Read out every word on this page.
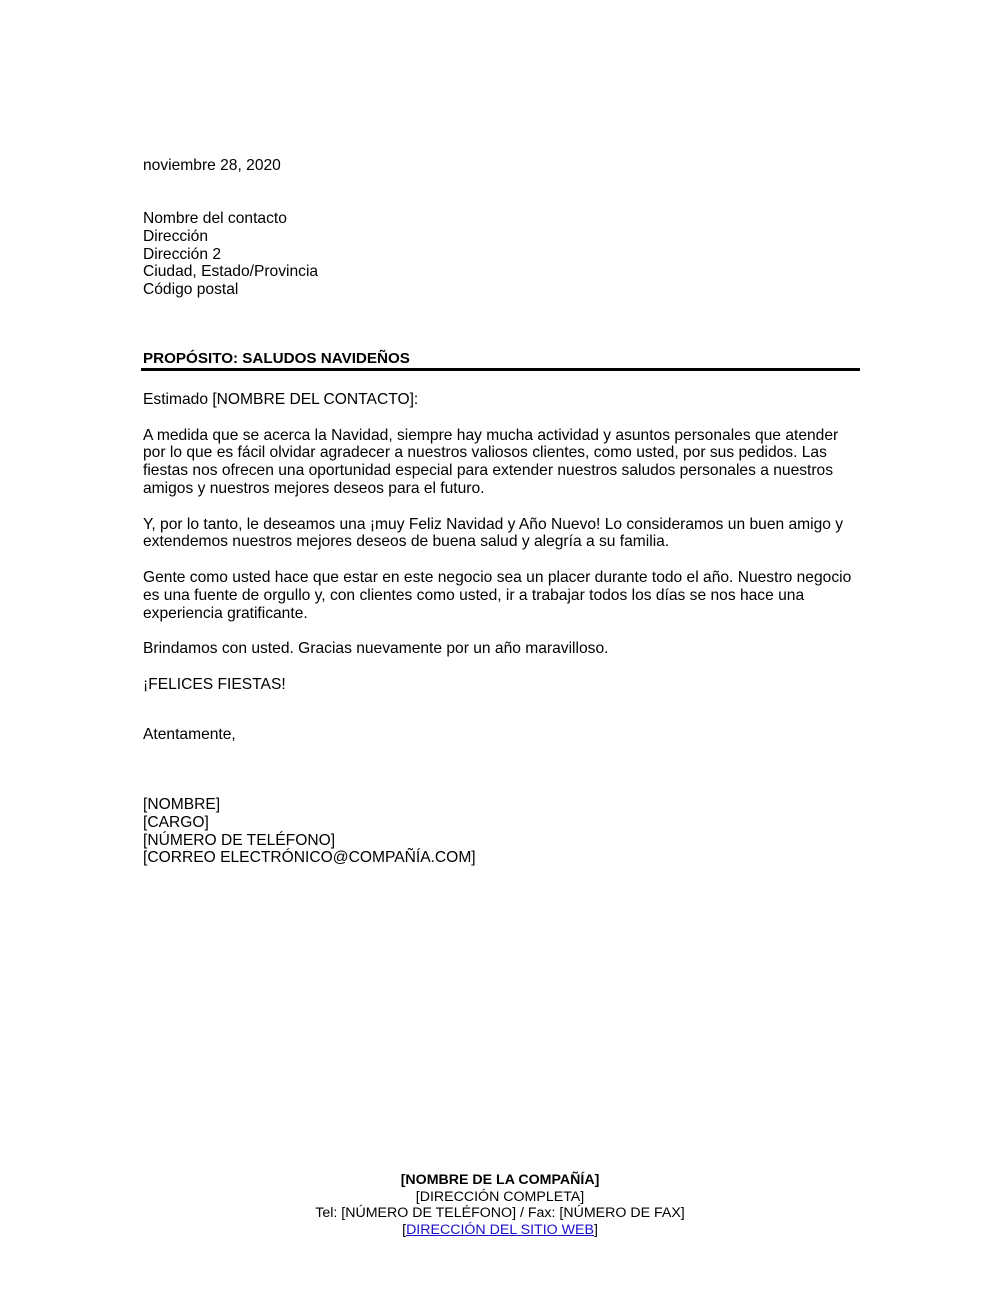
noviembre 28, 2020
Nombre del contacto
Dirección
Dirección 2
Ciudad, Estado/Provincia
Código postal
PROPÓSITO: SALUDOS NAVIDEÑOS

Estimado [NOMBRE DEL CONTACTO]:

A medida que se acerca la Navidad, siempre hay mucha actividad y asuntos personales que atender por lo que es fácil olvidar agradecer a nuestros valiosos clientes, como usted, por sus pedidos. Las fiestas nos ofrecen una oportunidad especial para extender nuestros saludos personales a nuestros amigos y nuestros mejores deseos para el futuro.

Y, por lo tanto, le deseamos una ¡muy Feliz Navidad y Año Nuevo! Lo consideramos un buen amigo y extendemos nuestros mejores deseos de buena salud y alegría a su familia.

Gente como usted hace que estar en este negocio sea un placer durante todo el año. Nuestro negocio es una fuente de orgullo y, con clientes como usted, ir a trabajar todos los días se nos hace una experiencia gratificante.

Brindamos con usted. Gracias nuevamente por un año maravilloso.

¡FELICES FIESTAS!

Atentamente,
[NOMBRE]
[CARGO]
[NÚMERO DE TELÉFONO]
[CORREO ELECTRÓNICO@COMPAÑÍA.COM]
[NOMBRE DE LA COMPAÑÍA]
[DIRECCIÓN COMPLETA]
Tel: [NÚMERO DE TELÉFONO] / Fax: [NÚMERO DE FAX]
[DIRECCIÓN DEL SITIO WEB]
